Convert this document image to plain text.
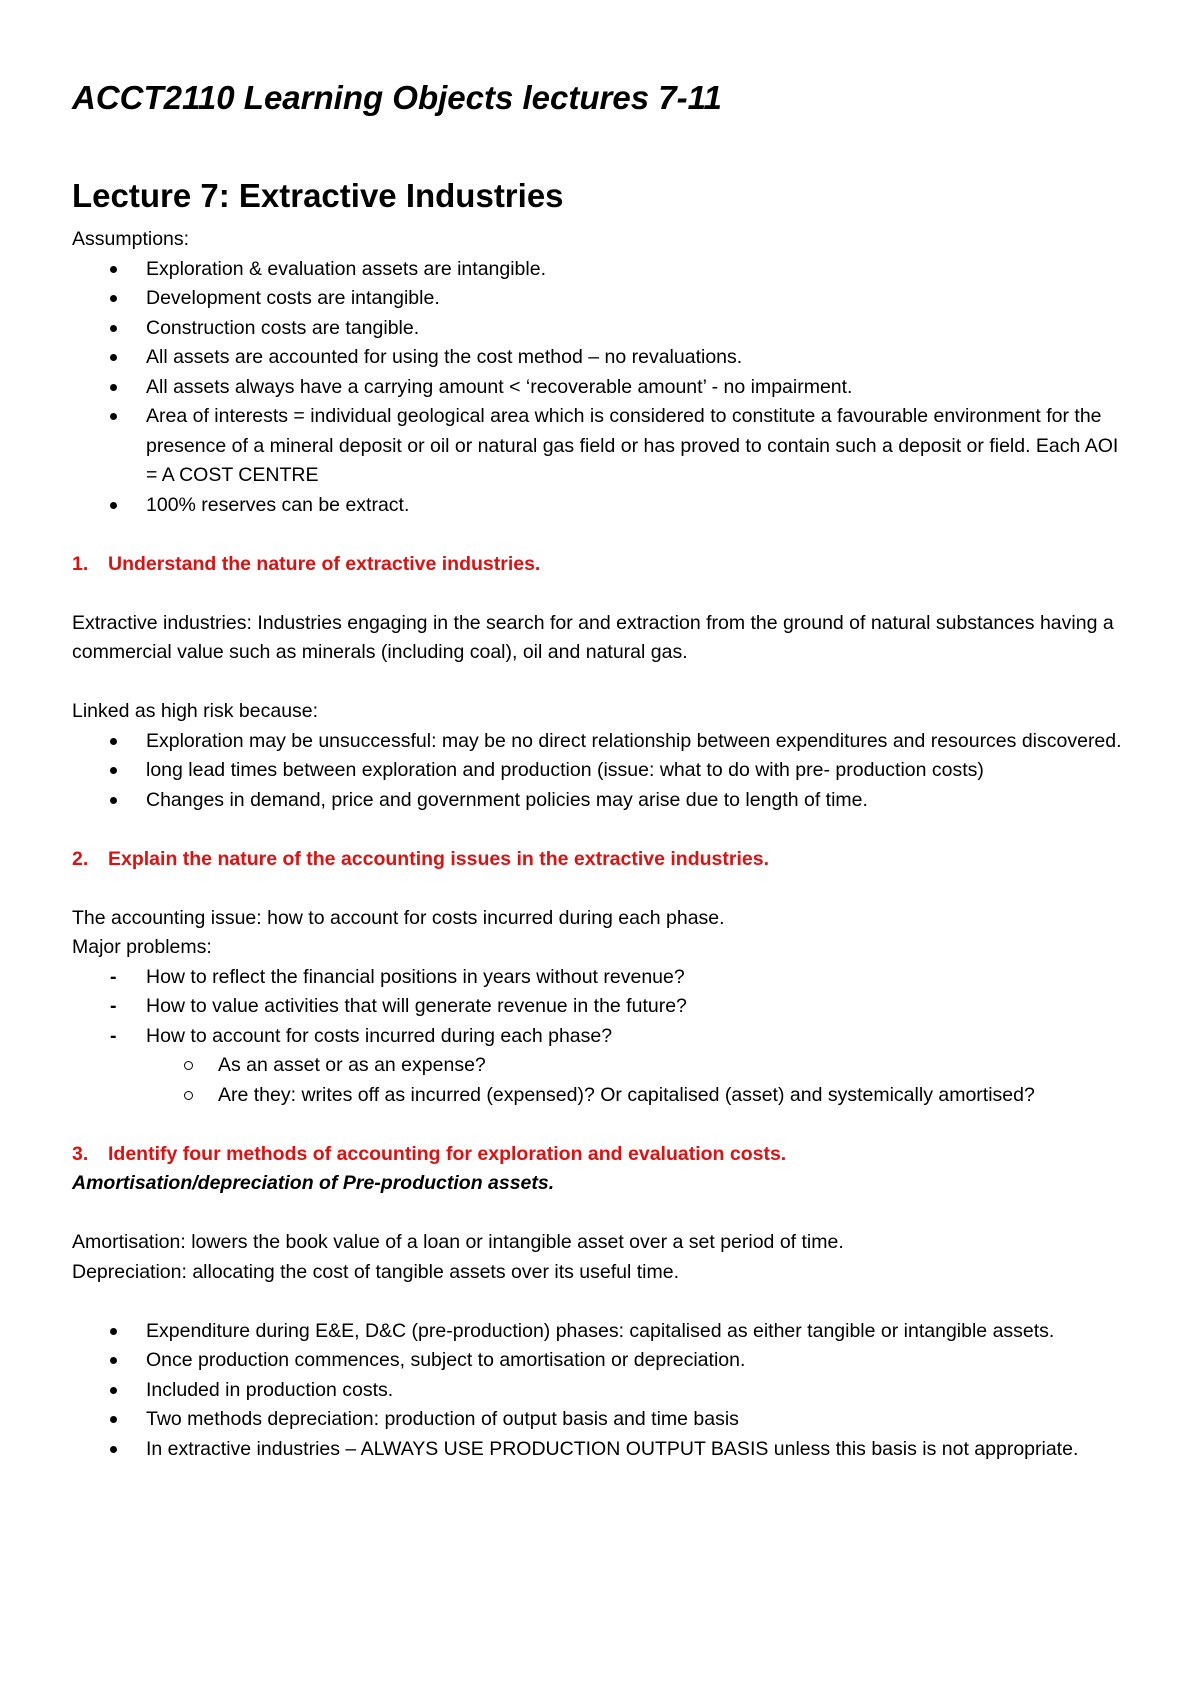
ACCT2110 Learning Objects lectures 7-11
Lecture 7: Extractive Industries

Assumptions:

Exploration & evaluation assets are intangible.
Development costs are intangible.
Construction costs are tangible.
All assets are accounted for using the cost method – no revaluations.
All assets always have a carrying amount < ‘recoverable amount’ - no impairment.
Area of interests = individual geological area which is considered to constitute a favourable environment for the presence of a mineral deposit or oil or natural gas field or has proved to contain such a deposit or field. Each AOI = A COST CENTRE
100% reserves can be extract.

1. Understand the nature of extractive industries.

Extractive industries: Industries engaging in the search for and extraction from the ground of natural substances having a commercial value such as minerals (including coal), oil and natural gas.

Linked as high risk because:

Exploration may be unsuccessful: may be no direct relationship between expenditures and resources discovered.
long lead times between exploration and production (issue: what to do with pre- production costs)
Changes in demand, price and government policies may arise due to length of time.

2. Explain the nature of the accounting issues in the extractive industries.

The accounting issue: how to account for costs incurred during each phase.

Major problems:

-	How to reflect the financial positions in years without revenue?
-	How to value activities that will generate revenue in the future?
-	How to account for costs incurred during each phase?
As an asset or as an expense?
Are they: writes off as incurred (expensed)? Or capitalised (asset) and systemically amortised?

3. Identify four methods of accounting for exploration and evaluation costs.

Amortisation/depreciation of Pre-production assets.

Amortisation: lowers the book value of a loan or intangible asset over a set period of time.

Depreciation: allocating the cost of tangible assets over its useful time.

Expenditure during E&E, D&C (pre-production) phases: capitalised as either tangible or intangible assets.
Once production commences, subject to amortisation or depreciation.
Included in production costs.
Two methods depreciation: production of output basis and time basis
In extractive industries – ALWAYS USE PRODUCTION OUTPUT BASIS unless this basis is not appropriate.
